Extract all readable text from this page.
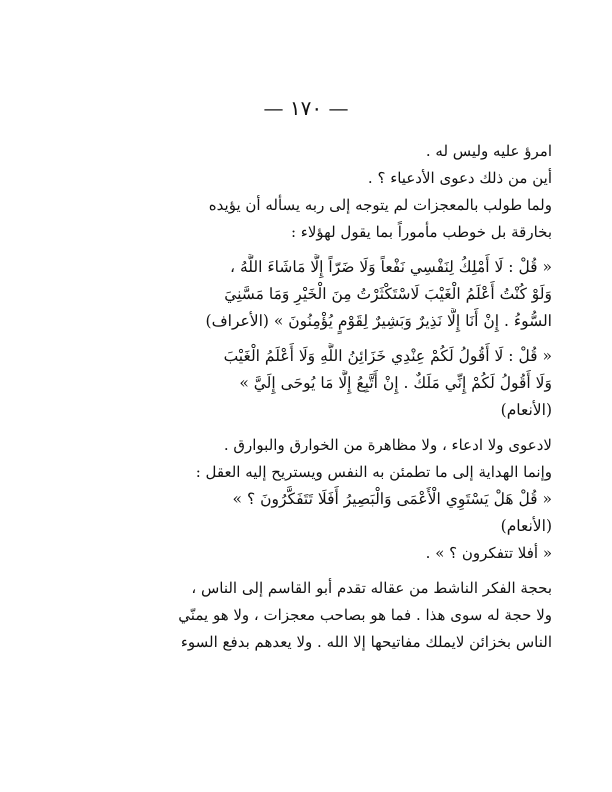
— ١٧٠ —

امرؤ عليه وليس له .

أين من ذلك دعوى الأدعياء ؟ .

ولما طولب بالمعجزات لم يتوجه إلى ربه يسأله أن يؤيده
بخارقة بل خوطب مأموراً بما يقول لهؤلاء :

« قُلْ : لَا أَمْلِكُ لِنَفْسِي نَفْعاً وَلَا ضَرّاً إِلَّا مَاشَاءَ اللَّهُ ،
وَلَوْ كُنْتُ أَعْلَمُ الْغَيْبَ لَاسْتَكْثَرْتُ مِنَ الْخَيْرِ وَمَا مَسَّنِيَ
السُّوءُ . إِنْ أَنَا إِلَّا نَذِيرٌ وَبَشِيرٌ لِقَوْمٍ يُؤْمِنُونَ » (الأعراف)

« قُلْ : لَا أَقُولُ لَكُمْ عِنْدِي خَزَائِنُ اللَّهِ وَلَا أَعْلَمُ الْغَيْبَ
وَلَا أَقُولُ لَكُمْ إِنِّي مَلَكٌ . إِنْ أَتَّبِعُ إِلَّا مَا يُوحَى إِلَيَّ »
(الأنعام)

لادعوى ولا ادعاء ، ولا مظاهرة من الخوارق والبوارق .
وإنما الهداية إلى ما تطمئن به النفس ويستريح إليه العقل :

« قُلْ هَلْ يَسْتَوِي الْأَعْمَى وَالْبَصِيرُ أَفَلَا تَتَفَكَّرُونَ ؟ »
(الأنعام)

« أفلا تتفكرون ؟ » .

بحجة الفكر الناشط من عقاله تقدم أبو القاسم إلى الناس ،
ولا حجة له سوى هذا . فما هو بصاحب معجزات ، ولا هو يمنّي
الناس بخزائن لايملك مفاتيحها إلا الله . ولا يعدهم بدفع السوء
